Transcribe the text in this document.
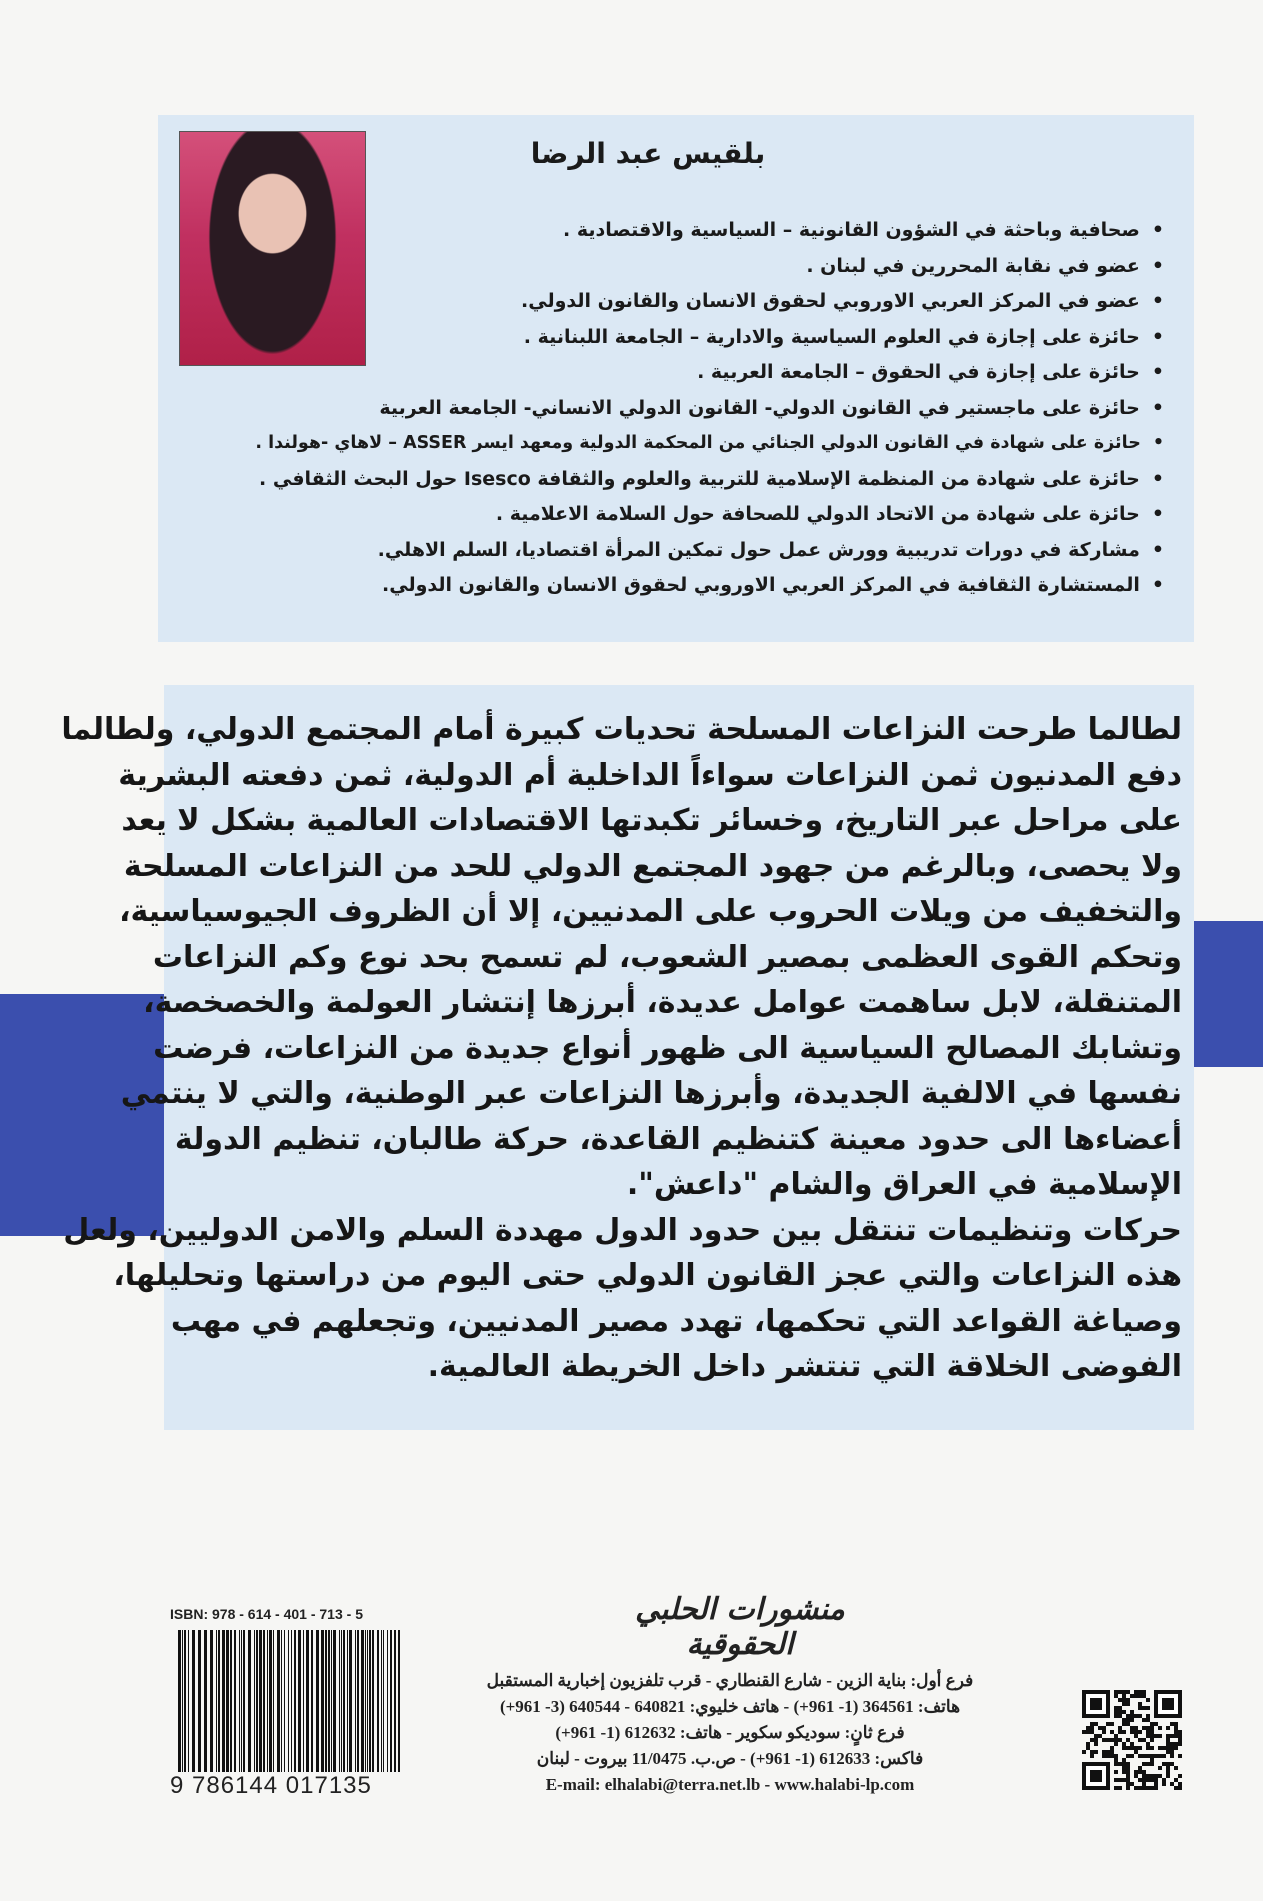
بلقيس عبد الرضا
• صحافية وباحثة في الشؤون القانونية – السياسية والاقتصادية .
• عضو في نقابة المحررين في لبنان .
• عضو في المركز العربي الاوروبي لحقوق الانسان والقانون الدولي.
• حائزة على إجازة في العلوم السياسية والادارية – الجامعة اللبنانية .
• حائزة على إجازة في الحقوق – الجامعة العربية .
• حائزة على ماجستير في القانون الدولي- القانون الدولي الانساني- الجامعة العربية
• حائزة على شهادة في القانون الدولي الجنائي من المحكمة الدولية ومعهد ايسر ASSER – لاهاي -هولندا .
• حائزة على شهادة من المنظمة الإسلامية للتربية والعلوم والثقافة Isesco حول البحث الثقافي .
• حائزة على شهادة من الاتحاد الدولي للصحافة حول السلامة الاعلامية .
• مشاركة في دورات تدريبية وورش عمل حول تمكين المرأة اقتصاديا، السلم الاهلي.
• المستشارة الثقافية في المركز العربي الاوروبي لحقوق الانسان والقانون الدولي.
لطالما طرحت النزاعات المسلحة تحديات كبيرة أمام المجتمع الدولي، ولطالما
دفع المدنيون ثمن النزاعات سواءاً الداخلية أم الدولية، ثمن دفعته البشرية
على مراحل عبر التاريخ، وخسائر تكبدتها الاقتصادات العالمية بشكل لا يعد
ولا يحصى، وبالرغم من جهود المجتمع الدولي للحد من النزاعات المسلحة
والتخفيف من ويلات الحروب على المدنيين، إلا أن الظروف الجيوسياسية،
وتحكم القوى العظمى بمصير الشعوب، لم تسمح بحد نوع وكم النزاعات
المتنقلة، لابل ساهمت عوامل عديدة، أبرزها إنتشار العولمة والخصخصة،
وتشابك المصالح السياسية الى ظهور أنواع جديدة من النزاعات، فرضت
نفسها في الالفية الجديدة، وأبرزها النزاعات عبر الوطنية، والتي لا ينتمي
أعضاءها الى حدود معينة كتنظيم القاعدة، حركة طالبان، تنظيم الدولة
الإسلامية في العراق والشام "داعش".
حركات وتنظيمات تنتقل بين حدود الدول مهددة السلم والامن الدوليين، ولعل
هذه النزاعات والتي عجز القانون الدولي حتى اليوم من دراستها وتحليلها،
وصياغة القواعد التي تحكمها، تهدد مصير المدنيين، وتجعلهم في مهب
الفوضى الخلاقة التي تنتشر داخل الخريطة العالمية.
ISBN: 978 - 614 - 401 - 713 - 5
9 786144 017135
منشورات الحلبي الحقوقية
فرع أول: بناية الزين - شارع القنطاري - قرب تلفزيون إخبارية المستقبل
هاتف: 364561 (1- 961+) - هاتف خليوي: 640821 - 640544 (3- 961+)
فرع ثانٍ: سوديكو سكوير - هاتف: 612632 (1- 961+)
فاكس: 612633 (1- 961+) - ص.ب. 11/0475 بيروت - لبنان
E-mail: elhalabi@terra.net.lb - www.halabi-lp.com
